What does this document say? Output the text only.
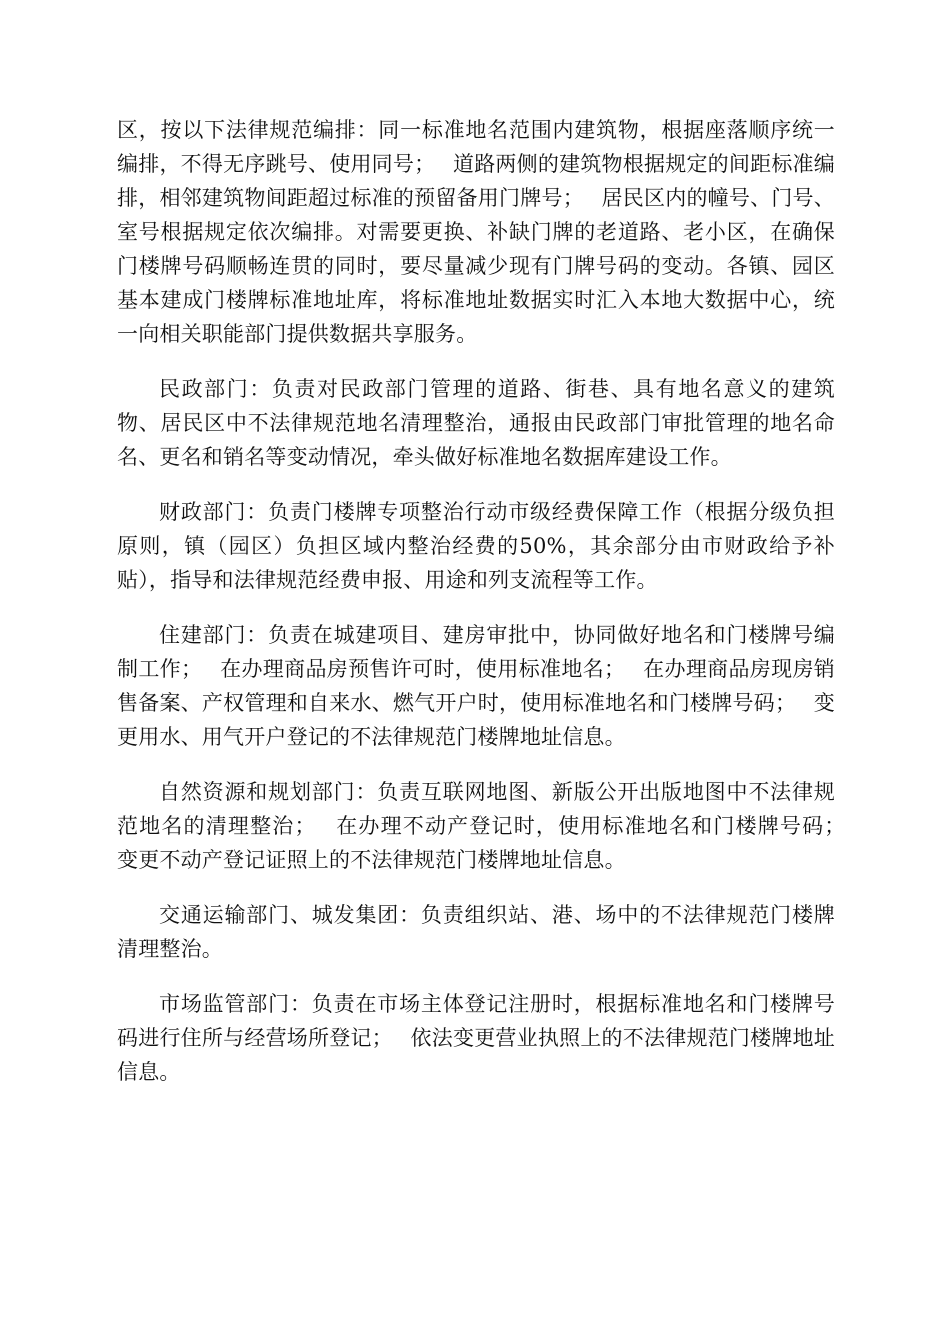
区，按以下法律规范编排：同一标准地名范围内建筑物，根据座落顺序统一编排，不得无序跳号、使用同号；　 道路两侧的建筑物根据规定的间距标准编排，相邻建筑物间距超过标准的预留备用门牌号；　 居民区内的幢号、门号、室号根据规定依次编排。对需要更换、补缺门牌的老道路、老小区，在确保门楼牌号码顺畅连贯的同时，要尽量减少现有门牌号码的变动。各镇、园区基本建成门楼牌标准地址库，将标准地址数据实时汇入本地大数据中心，统一向相关职能部门提供数据共享服务。

民政部门：负责对民政部门管理的道路、街巷、具有地名意义的建筑物、居民区中不法律规范地名清理整治，通报由民政部门审批管理的地名命名、更名和销名等变动情况，牵头做好标准地名数据库建设工作。

财政部门：负责门楼牌专项整治行动市级经费保障工作（根据分级负担原则，镇（园区）负担区域内整治经费的50%，其余部分由市财政给予补贴），指导和法律规范经费申报、用途和列支流程等工作。

住建部门：负责在城建项目、建房审批中，协同做好地名和门楼牌号编制工作；　 在办理商品房预售许可时，使用标准地名；　 在办理商品房现房销售备案、产权管理和自来水、燃气开户时，使用标准地名和门楼牌号码；　 变更用水、用气开户登记的不法律规范门楼牌地址信息。

自然资源和规划部门：负责互联网地图、新版公开出版地图中不法律规范地名的清理整治；　 在办理不动产登记时，使用标准地名和门楼牌号码；　 变更不动产登记证照上的不法律规范门楼牌地址信息。

交通运输部门、城发集团：负责组织站、港、场中的不法律规范门楼牌清理整治。

市场监管部门：负责在市场主体登记注册时，根据标准地名和门楼牌号码进行住所与经营场所登记；　 依法变更营业执照上的不法律规范门楼牌地址信息。
